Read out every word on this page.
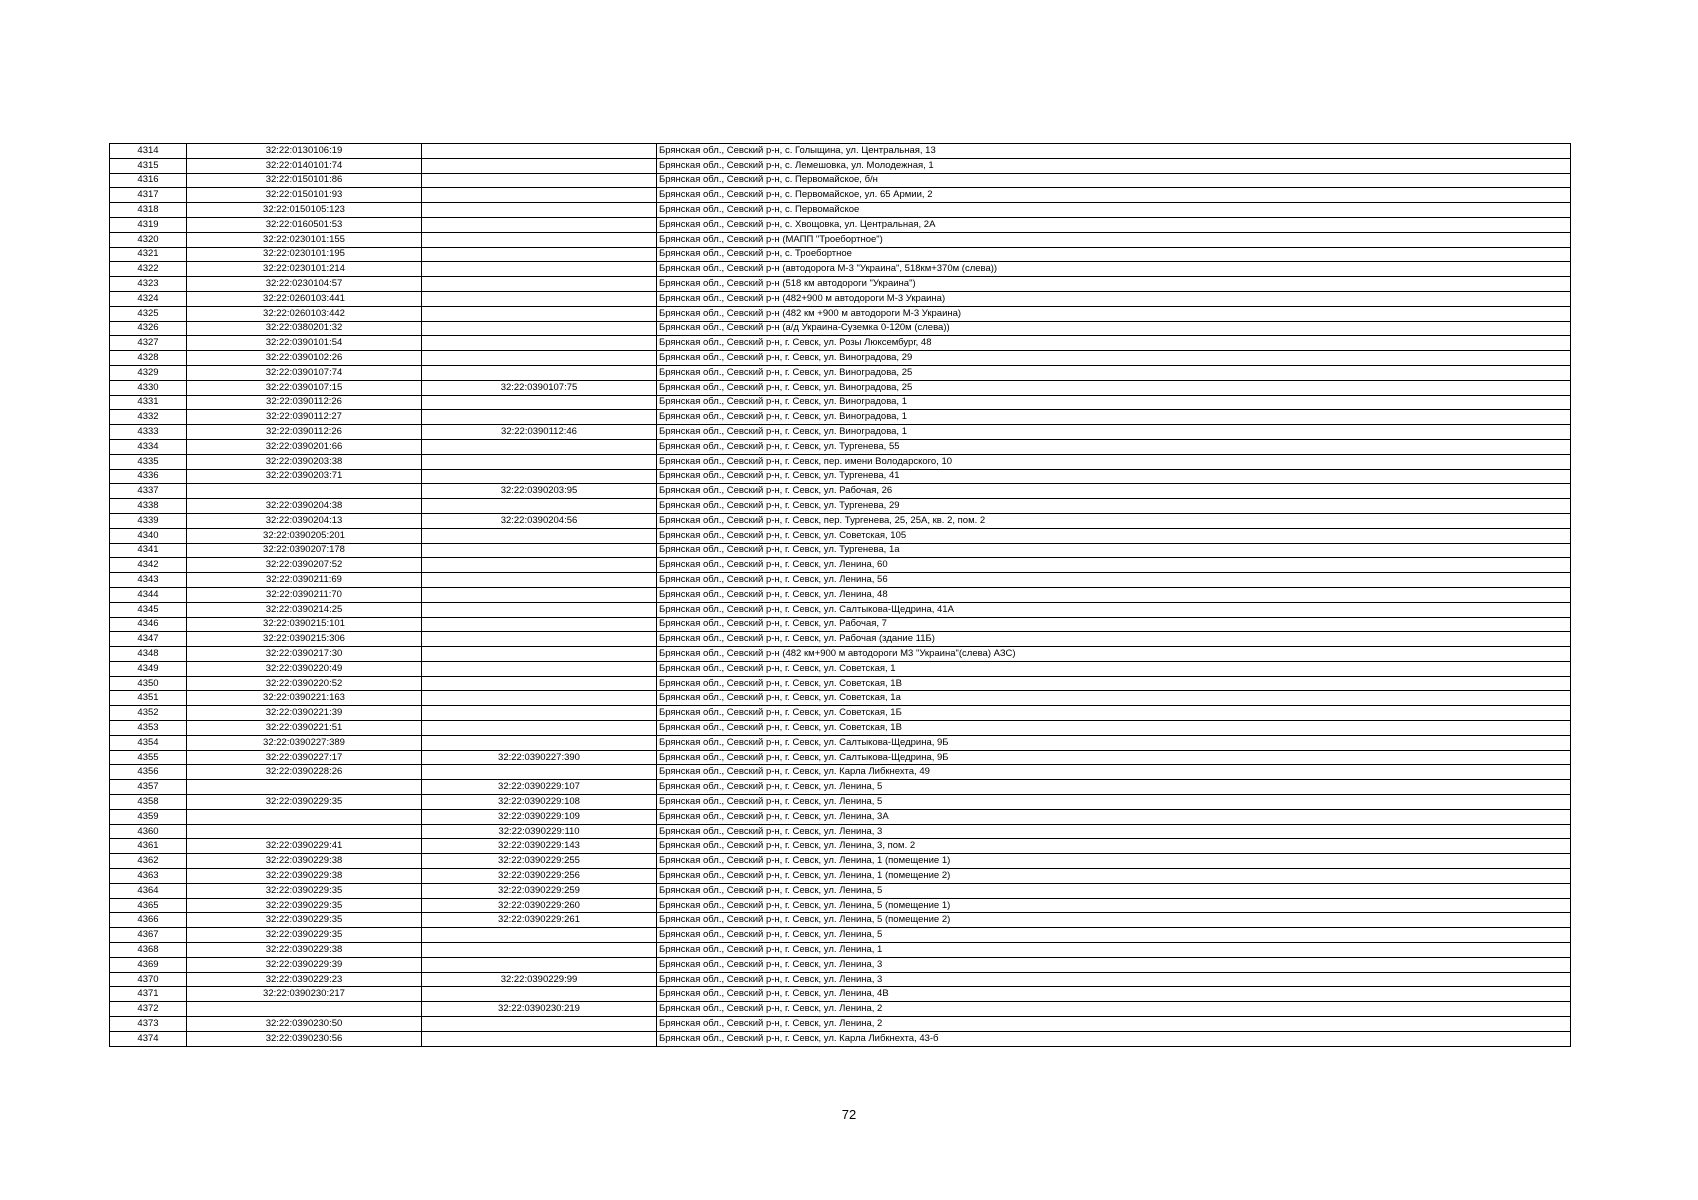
4314	32:22:0130106:19		Брянская обл., Севский р-н, с. Голыщина, ул. Центральная, 13
4315	32:22:0140101:74		Брянская обл., Севский р-н, с. Лемешовка, ул. Молодежная, 1
4316	32:22:0150101:86		Брянская обл., Севский р-н, с. Первомайское, б/н
4317	32:22:0150101:93		Брянская обл., Севский р-н, с. Первомайское, ул. 65 Армии, 2
4318	32:22:0150105:123		Брянская обл., Севский р-н, с. Первомайское
4319	32:22:0160501:53		Брянская обл., Севский р-н, с. Хвощовка, ул. Центральная, 2А
4320	32:22:0230101:155		Брянская обл., Севский р-н (МАПП "Троебортное")
4321	32:22:0230101:195		Брянская обл., Севский р-н, с. Троебортное
4322	32:22:0230101:214		Брянская обл., Севский р-н (автодорога М-3 "Украина", 518км+370м (слева))
4323	32:22:0230104:57		Брянская обл., Севский р-н (518 км автодороги "Украина")
4324	32:22:0260103:441		Брянская обл., Севский р-н (482+900 м автодороги М-3 Украина)
4325	32:22:0260103:442		Брянская обл., Севский р-н (482 км +900 м автодороги М-3 Украина)
4326	32:22:0380201:32		Брянская обл., Севский р-н (а/д Украина-Суземка 0-120м (слева))
4327	32:22:0390101:54		Брянская обл., Севский р-н, г. Севск, ул. Розы Люксембург, 48
4328	32:22:0390102:26		Брянская обл., Севский р-н, г. Севск, ул. Виноградова, 29
4329	32:22:0390107:74		Брянская обл., Севский р-н, г. Севск, ул. Виноградова, 25
4330	32:22:0390107:15	32:22:0390107:75	Брянская обл., Севский р-н, г. Севск, ул. Виноградова, 25
4331	32:22:0390112:26		Брянская обл., Севский р-н, г. Севск, ул. Виноградова, 1
4332	32:22:0390112:27		Брянская обл., Севский р-н, г. Севск, ул. Виноградова, 1
4333	32:22:0390112:26	32:22:0390112:46	Брянская обл., Севский р-н, г. Севск, ул. Виноградова, 1
4334	32:22:0390201:66		Брянская обл., Севский р-н, г. Севск, ул. Тургенева, 55
4335	32:22:0390203:38		Брянская обл., Севский р-н, г. Севск, пер. имени Володарского, 10
4336	32:22:0390203:71		Брянская обл., Севский р-н, г. Севск, ул. Тургенева, 41
4337		32:22:0390203:95	Брянская обл., Севский р-н, г. Севск, ул. Рабочая, 26
4338	32:22:0390204:38		Брянская обл., Севский р-н, г. Севск, ул. Тургенева, 29
4339	32:22:0390204:13	32:22:0390204:56	Брянская обл., Севский р-н, г. Севск, пер. Тургенева, 25, 25А, кв. 2, пом. 2
4340	32:22:0390205:201		Брянская обл., Севский р-н, г. Севск, ул. Советская, 105
4341	32:22:0390207:178		Брянская обл., Севский р-н, г. Севск, ул. Тургенева, 1а
4342	32:22:0390207:52		Брянская обл., Севский р-н, г. Севск, ул. Ленина, 60
4343	32:22:0390211:69		Брянская обл., Севский р-н, г. Севск, ул. Ленина, 56
4344	32:22:0390211:70		Брянская обл., Севский р-н, г. Севск, ул. Ленина, 48
4345	32:22:0390214:25		Брянская обл., Севский р-н, г. Севск, ул. Салтыкова-Щедрина, 41А
4346	32:22:0390215:101		Брянская обл., Севский р-н, г. Севск, ул. Рабочая, 7
4347	32:22:0390215:306		Брянская обл., Севский р-н, г. Севск, ул. Рабочая (здание 11Б)
4348	32:22:0390217:30		Брянская обл., Севский р-н (482 км+900 м автодороги М3 "Украина"(слева) АЗС)
4349	32:22:0390220:49		Брянская обл., Севский р-н, г. Севск, ул. Советская, 1
4350	32:22:0390220:52		Брянская обл., Севский р-н, г. Севск, ул. Советская, 1В
4351	32:22:0390221:163		Брянская обл., Севский р-н, г. Севск, ул. Советская, 1а
4352	32:22:0390221:39		Брянская обл., Севский р-н, г. Севск, ул. Советская, 1Б
4353	32:22:0390221:51		Брянская обл., Севский р-н, г. Севск, ул. Советская, 1В
4354	32:22:0390227:389		Брянская обл., Севский р-н, г. Севск, ул. Салтыкова-Щедрина, 9Б
4355	32:22:0390227:17	32:22:0390227:390	Брянская обл., Севский р-н, г. Севск, ул. Салтыкова-Щедрина, 9Б
4356	32:22:0390228:26		Брянская обл., Севский р-н, г. Севск, ул. Карла Либкнехта, 49
4357		32:22:0390229:107	Брянская обл., Севский р-н, г. Севск, ул. Ленина, 5
4358	32:22:0390229:35	32:22:0390229:108	Брянская обл., Севский р-н, г. Севск, ул. Ленина, 5
4359		32:22:0390229:109	Брянская обл., Севский р-н, г. Севск, ул. Ленина, 3А
4360		32:22:0390229:110	Брянская обл., Севский р-н, г. Севск, ул. Ленина, 3
4361	32:22:0390229:41	32:22:0390229:143	Брянская обл., Севский р-н, г. Севск, ул. Ленина, 3, пом. 2
4362	32:22:0390229:38	32:22:0390229:255	Брянская обл., Севский р-н, г. Севск, ул. Ленина, 1 (помещение 1)
4363	32:22:0390229:38	32:22:0390229:256	Брянская обл., Севский р-н, г. Севск, ул. Ленина, 1 (помещение 2)
4364	32:22:0390229:35	32:22:0390229:259	Брянская обл., Севский р-н, г. Севск, ул. Ленина, 5
4365	32:22:0390229:35	32:22:0390229:260	Брянская обл., Севский р-н, г. Севск, ул. Ленина, 5 (помещение 1)
4366	32:22:0390229:35	32:22:0390229:261	Брянская обл., Севский р-н, г. Севск, ул. Ленина, 5 (помещение 2)
4367	32:22:0390229:35		Брянская обл., Севский р-н, г. Севск, ул. Ленина, 5
4368	32:22:0390229:38		Брянская обл., Севский р-н, г. Севск, ул. Ленина, 1
4369	32:22:0390229:39		Брянская обл., Севский р-н, г. Севск, ул. Ленина, 3
4370	32:22:0390229:23	32:22:0390229:99	Брянская обл., Севский р-н, г. Севск, ул. Ленина, 3
4371	32:22:0390230:217		Брянская обл., Севский р-н, г. Севск, ул. Ленина, 4В
4372		32:22:0390230:219	Брянская обл., Севский р-н, г. Севск, ул. Ленина, 2
4373	32:22:0390230:50		Брянская обл., Севский р-н, г. Севск, ул. Ленина, 2
4374	32:22:0390230:56		Брянская обл., Севский р-н, г. Севск, ул. Карла Либкнехта, 43-б
72
